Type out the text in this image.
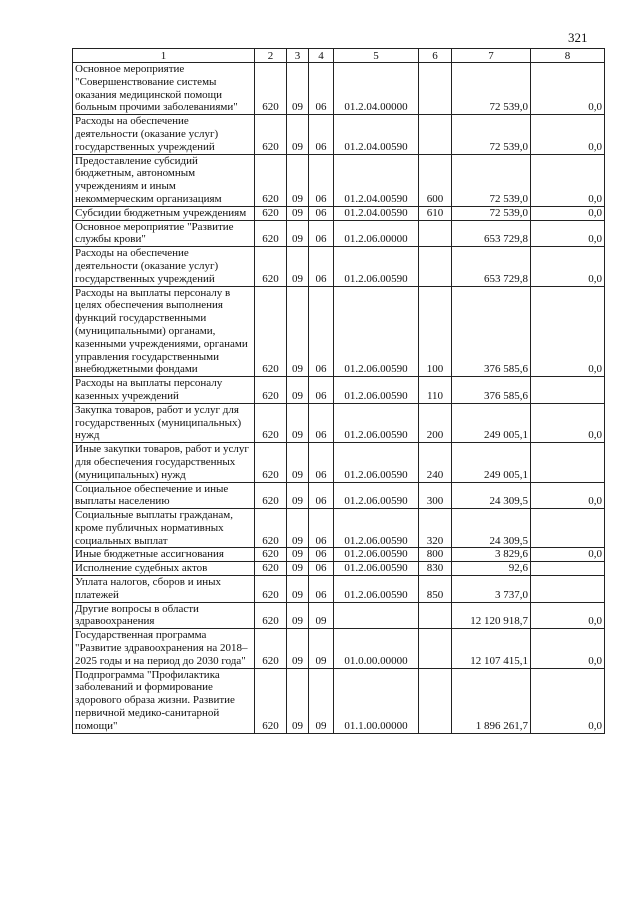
321
1	2	3	4	5	6	7	8
Основное мероприятие "Совершенствование системы оказания медицинской помощи больным прочими заболеваниями"	620	09	06	01.2.04.00000		72 539,0	0,0
Расходы на обеспечение деятельности (оказание услуг) государственных учреждений	620	09	06	01.2.04.00590		72 539,0	0,0
Предоставление субсидий бюджетным, автономным учреждениям и иным некоммерческим организациям	620	09	06	01.2.04.00590	600	72 539,0	0,0
Субсидии бюджетным учреждениям	620	09	06	01.2.04.00590	610	72 539,0	0,0
Основное мероприятие "Развитие службы крови"	620	09	06	01.2.06.00000		653 729,8	0,0
Расходы на обеспечение деятельности (оказание услуг) государственных учреждений	620	09	06	01.2.06.00590		653 729,8	0,0
Расходы на выплаты персоналу в целях обеспечения выполнения функций государственными (муниципальными) органами, казенными учреждениями, органами управления государственными внебюджетными фондами	620	09	06	01.2.06.00590	100	376 585,6	0,0
Расходы на выплаты персоналу казенных учреждений	620	09	06	01.2.06.00590	110	376 585,6	
Закупка товаров, работ и услуг для государственных (муниципальных) нужд	620	09	06	01.2.06.00590	200	249 005,1	0,0
Иные закупки товаров, работ и услуг для обеспечения государственных (муниципальных) нужд	620	09	06	01.2.06.00590	240	249 005,1	
Социальное обеспечение и иные выплаты населению	620	09	06	01.2.06.00590	300	24 309,5	0,0
Социальные выплаты гражданам, кроме публичных нормативных социальных выплат	620	09	06	01.2.06.00590	320	24 309,5	
Иные бюджетные ассигнования	620	09	06	01.2.06.00590	800	3 829,6	0,0
Исполнение судебных актов	620	09	06	01.2.06.00590	830	92,6	
Уплата налогов, сборов и иных платежей	620	09	06	01.2.06.00590	850	3 737,0	
Другие вопросы в области здравоохранения	620	09	09			12 120 918,7	0,0
Государственная программа "Развитие здравоохранения на 2018–2025 годы и на период до 2030 года"	620	09	09	01.0.00.00000		12 107 415,1	0,0
Подпрограмма "Профилактика заболеваний и формирование здорового образа жизни. Развитие первичной медико-санитарной помощи"	620	09	09	01.1.00.00000		1 896 261,7	0,0
